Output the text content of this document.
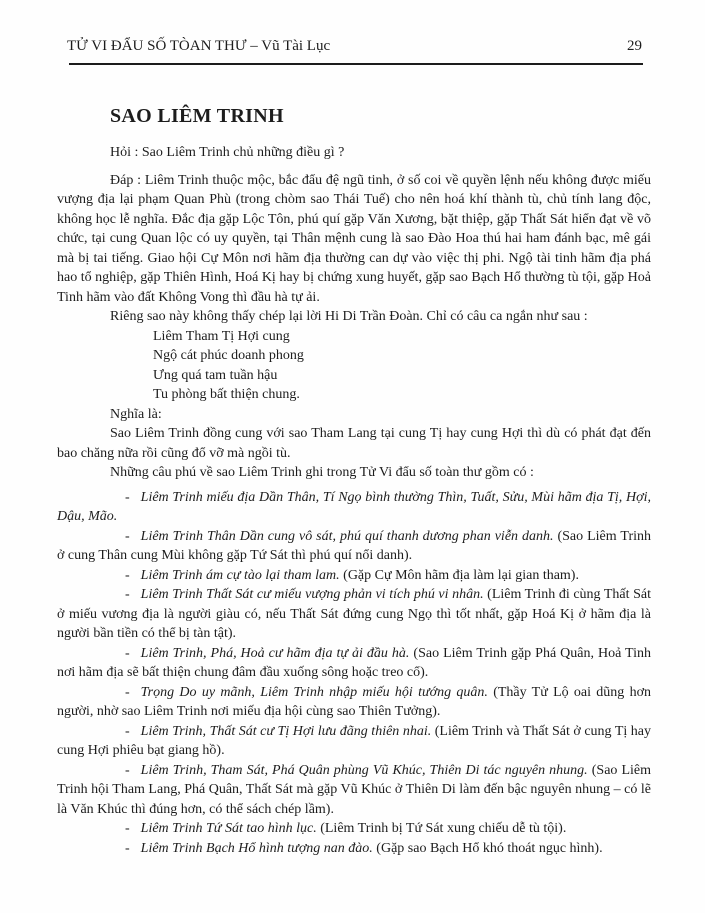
TỬ VI ĐẨU SỐ TÒAN THƯ – Vũ Tài Lục	29
SAO LIÊM TRINH

Hỏi : Sao Liêm Trinh chủ những điều gì ?

Đáp : Liêm Trinh thuộc mộc, bắc đẩu đệ ngũ tinh, ở số coi về quyền lệnh nếu không được miếu vượng địa lại phạm Quan Phù (trong chòm sao Thái Tuế) cho nên hoá khí thành tù, chủ tính lang độc, không học lễ nghĩa. Đắc địa gặp Lộc Tôn, phú quí gặp Văn Xương, bặt thiệp, gặp Thất Sát hiển đạt về võ chức, tại cung Quan lộc có uy quyền, tại Thân mệnh cung là sao Đào Hoa thú hai ham đánh bạc, mê gái mà bị tai tiếng. Giao hội Cự Môn nơi hãm địa thường can dự vào việc thị phi. Ngộ tài tinh hãm địa phá hao tổ nghiệp, gặp Thiên Hình, Hoá Kị hay bị chứng xung huyết, gặp sao Bạch Hổ thường tù tội, gặp Hoả Tinh hãm vào đất Không Vong thì đầu hà tự ải.

Riêng sao này không thấy chép lại lời Hi Di Trần Đoàn. Chỉ có câu ca ngắn như sau :

Liêm Tham Tị Hợi cung
Ngộ cát phúc doanh phong
Ưng quá tam tuần hậu
Tu phòng bất thiện chung.

Nghĩa là:

Sao Liêm Trinh đồng cung với sao Tham Lang tại cung Tị hay cung Hợi thì dù có phát đạt đến bao chăng nữa rồi cũng đổ vỡ mà ngồi tù.

Những câu phú về sao Liêm Trinh ghi trong Tử Vi đẩu số toàn thư gồm có :

- Liêm Trinh miếu địa Dần Thân, Tí Ngọ bình thường Thìn, Tuất, Sửu, Mùi hãm địa Tị, Hợi, Dậu, Mão.

- Liêm Trinh Thân Dần cung vô sát, phú quí thanh dương phan viễn danh. (Sao Liêm Trinh ở cung Thân cung Mùi không gặp Tứ Sát thì phú quí nổi danh).

- Liêm Trinh ám cự tào lại tham lam. (Gặp Cự Môn hãm địa làm lại gian tham).

- Liêm Trinh Thất Sát cư miếu vượng phản vi tích phú vi nhân. (Liêm Trinh đi cùng Thất Sát ở miếu vương địa là người giàu có, nếu Thất Sát đứng cung Ngọ thì tốt nhất, gặp Hoá Kị ở hãm địa là người bần tiền có thể bị tàn tật).

- Liêm Trinh, Phá, Hoả cư hãm địa tự ải đầu hà. (Sao Liêm Trinh gặp Phá Quân, Hoả Tinh nơi hãm địa sẽ bất thiện chung đâm đầu xuống sông hoặc treo cổ).

- Trọng Do uy mãnh, Liêm Trinh nhập miếu hội tướng quân. (Thầy Tử Lộ oai dũng hơn người, nhờ sao Liêm Trinh nơi miếu địa hội cùng sao Thiên Tưởng).

- Liêm Trinh, Thất Sát cư Tị Hợi lưu đãng thiên nhai. (Liêm Trinh và Thất Sát ở cung Tị hay cung Hợi phiêu bạt giang hồ).

- Liêm Trinh, Tham Sát, Phá Quân phùng Vũ Khúc, Thiên Di tác nguyên nhung. (Sao Liêm Trinh hội Tham Lang, Phá Quân, Thất Sát mà gặp Vũ Khúc ở Thiên Di làm đến bậc nguyên nhung – có lẽ là Văn Khúc thì đúng hơn, có thể sách chép lầm).

- Liêm Trinh Tứ Sát tao hình lục. (Liêm Trinh bị Tứ Sát xung chiếu dễ tù tội).

- Liêm Trinh Bạch Hổ hình tượng nan đào. (Gặp sao Bạch Hổ khó thoát ngục hình).
